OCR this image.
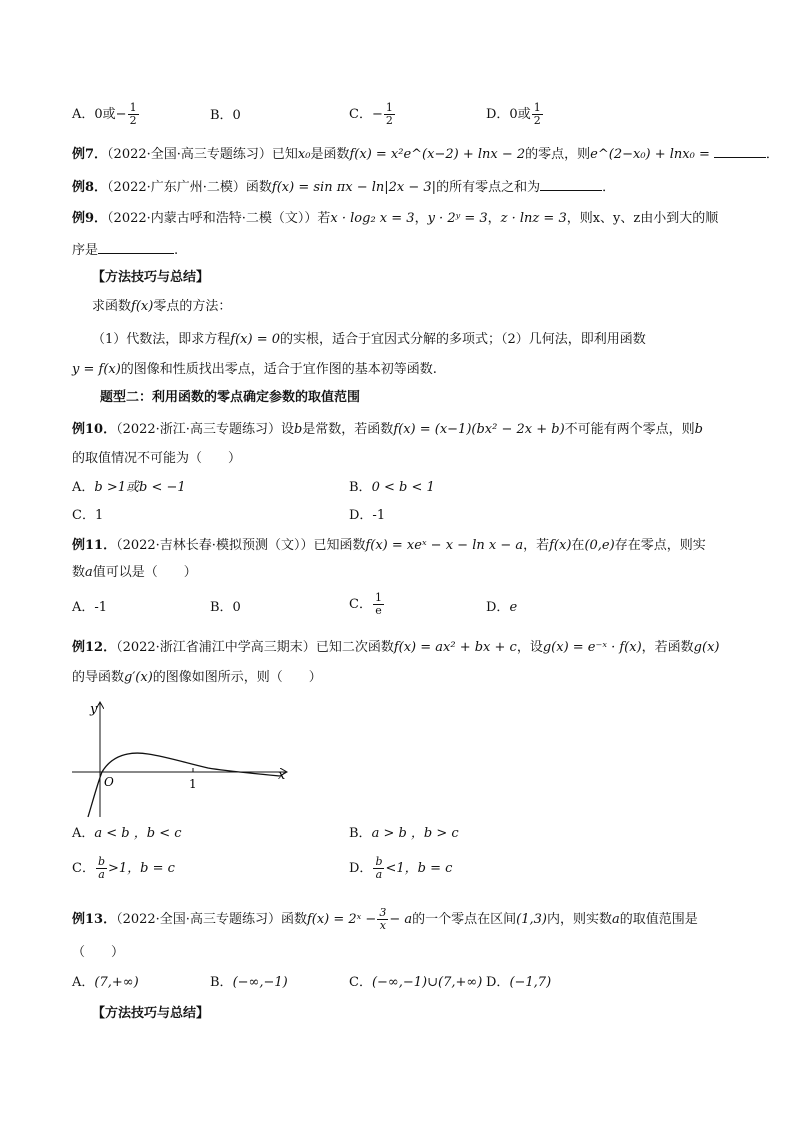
A．0或− $\frac{1}{2}$	B．0	C．− $\frac{1}{2}$	D．0或 $\frac{1}{2}$
例7．（2022·全国·高三专题练习）已知x₀是函数f(x) = x²e^(x−2) + lnx − 2的零点，则e^(2−x₀) + lnx₀ =	．
例8．（2022·广东广州·二模）函数f(x) = sin πx − ln|2x − 3|的所有零点之和为	．
例9．（2022·内蒙古呼和浩特·二模（文））若x · log₂ x = 3，y · 2ʸ = 3，z · lnz = 3，则x、y、z由小到大的顺
序是	.
【方法技巧与总结】
求函数f(x)零点的方法：
（1）代数法，即求方程f(x) = 0的实根，适合于宜因式分解的多项式；（2）几何法，即利用函数
y = f(x)的图像和性质找出零点，适合于宜作图的基本初等函数.
题型二：利用函数的零点确定参数的取值范围
例10．（2022·浙江·高三专题练习）设b是常数，若函数f(x) = (x−1)(bx² − 2x + b)不可能有两个零点，则b
的取值情况不可能为（　　）
A．b >1或b < −1	B．0 < b < 1
C．1	D．-1
例11．（2022·吉林长春·模拟预测（文））已知函数f(x) = xeˣ − x − ln x − a，若f(x)在(0,e)存在零点，则实
数a值可以是（　　）
A．-1	B．0	C． $\frac{1}{e}$	D．e
例12．（2022·浙江省浦江中学高三期末）已知二次函数f(x) = ax² + bx + c，设g(x) = e⁻ˣ · f(x)，若函数g(x)
的导函数g′(x)的图像如图所示，则（　　）
y
x
O	1
A．a < b ，b < c	B．a > b ，b > c
C． $\frac{b}{a} >1$，b = c	D． $\frac{b}{a} <1$，b = c
例13．（2022·全国·高三专题练习）函数f(x) = 2ˣ − $\frac{3}{x} - a$的一个零点在区间(1,3)内，则实数a的取值范围是
（　　）
A．(7,+∞)	B．(−∞,−1)	C．(−∞,−1)∪(7,+∞) D．(−1,7)
【方法技巧与总结】
